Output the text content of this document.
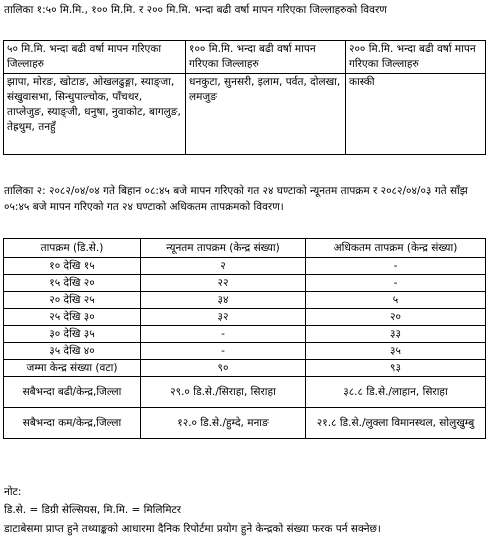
तालिका १:५० मि.मि., १०० मि.मि. र २०० मि.मि. भन्दा बढी वर्षा मापन गरिएका जिल्लाहरुको विवरण

५० मि.मि. भन्दा बढी वर्षा मापन गरिएका जिल्लाहरु	१०० मि.मि. भन्दा बढी वर्षा मापन गरिएका जिल्लाहरु	२०० मि.मि. भन्दा बढी वर्षा मापन गरिएका जिल्लाहरु
झापा, मोरङ, खोटाङ, ओखलढुङ्गा, स्याङ्जा, संखुवासभा, सिन्धुपाल्चोक, पाँचथर, ताप्लेजुङ, स्याङ्जी, धनुषा, नुवाकोट, बागलुङ, तेह्रथुम, तनहुँ	धनकुटा, सुनसरी, इलाम, पर्वत, दोलखा, लमजुङ	कास्की

तालिका २: २०८२/०४/०४ गते बिहान ०८:४५ बजे मापन गरिएको गत २४ घण्टाको न्यूनतम तापक्रम र २०८२/०४/०३ गते साँझ ०५:४५ बजे मापन गरिएको गत २४ घण्टाको अधिकतम तापक्रमको विवरण।

तापक्रम (डि.से.)	न्यूनतम तापक्रम (केन्द्र संख्या)	अधिकतम तापक्रम (केन्द्र संख्या)
१० देखि १५	२	-
१५ देखि २०	२२	-
२० देखि २५	३४	५
२५ देखि ३०	३२	२०
३० देखि ३५	-	३३
३५ देखि ४०	-	३५
जम्मा केन्द्र संख्या (वटा)	९०	९३
सबैभन्दा बढी/केन्द्र,जिल्ला	२९.० डि.से./सिराहा, सिराहा	३८.८ डि.से./लाहान, सिराहा
सबैभन्दा कम/केन्द्र,जिल्ला	१२.० डि.से./हुम्दे, मनाङ	२१.८ डि.से./लुक्ला विमानस्थल, सोलुखुम्बु

नोट:

डि.से. = डिग्री सेल्सियस, मि.मि. = मिलिमिटर

डाटाबेसमा प्राप्त हुने तथ्याङ्कको आधारमा दैनिक रिपोर्टमा प्रयोग हुने केन्द्रको संख्या फरक पर्न सक्नेछ।
